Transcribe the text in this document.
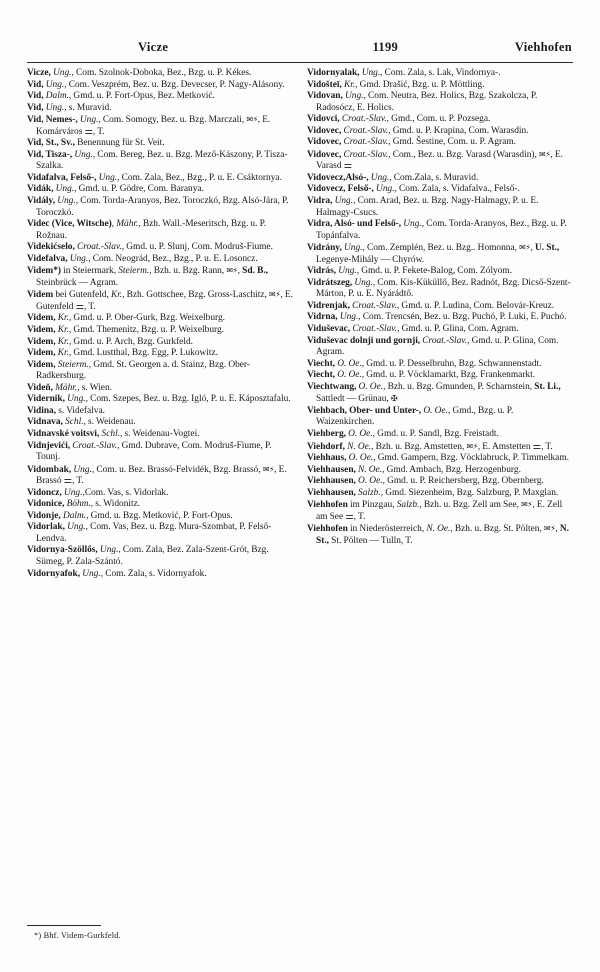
Vicze	1199	Viehhofen

Vicze, Ung., Com. Szolnok-Doboka, Bez., Bzg. u. P. Kékes.

Vid, Ung., Com. Veszprém, Bez. u. Bzg. Devecser, P. Nagy-Alásony.

Vid, Dalm., Gmd. u. P. Fort-Opus, Bez. Metković.

Vid, Ung., s. Muravid.

Vid, Nemes-, Ung., Com. Somogy, Bez. u. Bzg. Marczali, ✉⚡, E. Komárváros ⚌, T.

Vid, St., Sv., Benennung für St. Veit.

Vid, Tisza-, Ung., Com. Bereg, Bez. u. Bzg. Mező-Kászony, P. Tisza-Szalka.

Vidafalva, Felső-, Ung., Com. Zala, Bez., Bzg., P. u. E. Csáktornya.

Vidák, Ung., Gmd. u. P. Gödre, Com. Baranya.

Vidály, Ung., Com. Torda-Aranyos, Bez. Toroczkó, Bzg. Alsó-Jára, P. Toroczkó.

Videc (Vice, Witsche), Mähr., Bzh. Wall.-Meseritsch, Bzg. u. P. Rožnau.

Videkićselo, Croat.-Slav., Gmd. u. P. Slunj, Com. Modruš-Fiume.

Videfalva, Ung., Com. Neográd, Bez., Bzg., P. u. E. Losoncz.

Videm*) in Steiermark, Steierm., Bzh. u. Bzg. Rann, ✉⚡, Sd. B., Steinbrück — Agram.

Videm bei Gutenfeld, Kr., Bzh. Gottschee, Bzg. Gross-Laschitz, ✉⚡, E. Gutenfeld ⚌, T.

Videm, Kr., Gmd. u. P. Ober-Gurk, Bzg. Weixelburg.

Videm, Kr., Gmd. Themenitz, Bzg. u. P. Weixelburg.

Videm, Kr., Gmd. u. P. Arch, Bzg. Gurkfeld.

Videm, Kr., Gmd. Lustthal, Bzg. Egg, P. Lukowitz.

Videm, Steierm., Gmd. St. Georgen a. d. Stainz, Bzg. Ober-Radkersburg.

Videň, Mähr., s. Wien.

Vidernik, Ung., Com. Szepes, Bez. u. Bzg. Igló, P. u. E. Káposztafalu.

Vidina, s. Videfalva.

Vidnava, Schl., s. Weidenau.

Vidnavské voitsvi, Schl., s. Weidenau-Vogtei.

Vidnjevići, Croat.-Slav., Gmd. Dubrave, Com. Modruš-Fiume, P. Tounj.

Vidombak, Ung., Com. u. Bez. Brassó-Felvidék, Bzg. Brassó, ✉⚡, E. Brassó ⚌, T.

Vidoncz, Ung.,Com. Vas, s. Vidorlak.

Vidonice, Böhm., s. Widonitz.

Vidonje, Dalm., Gmd. u. Bzg. Metković, P. Fort-Opus.

Vidorlak, Ung., Com. Vas, Bez. u. Bzg. Mura-Szombat, P. Felső-Lendva.

Vidornya-Szöllős, Ung., Com. Zala, Bez. Zala-Szent-Grót, Bzg. Sümeg, P. Zala-Szántó.

Vidornyafok, Ung., Com. Zala, s. Vidornyafok.

Vidornyalak, Ung., Com. Zala, s. Lak, Vindornya-.

Vidošteī, Kr., Gmd. Drašić, Bzg. u. P. Möttling.

Vidovan, Ung., Com. Neutra, Bez. Holics, Bzg. Szakolcza, P. Radosócz, E. Holics.

Vidovci, Croat.-Slav., Gmd., Com. u. P. Pozsega.

Vidovec, Croat.-Slav., Gmd. u. P. Krapina, Com. Warasdin.

Vidovec, Croat.-Slav., Gmd. Šestine, Com. u. P. Agram.

Vidovec, Croat.-Slav., Com., Bez. u. Bzg. Varasd (Warasdin), ✉⚡, E. Varasd ⚌

Vidovecz,Alsó-, Ung., Com.Zala, s. Muravid.

Vidovecz, Felső-, Ung., Com. Zala, s. Vidafalva., Felső-.

Vidra, Ung., Com. Arad, Bez. u. Bzg. Nagy-Halmagy, P. u. E. Halmagy-Csucs.

Vidra, Alsó- und Felső-, Ung., Com. Torda-Aranyos, Bez., Bzg. u. P. Topánfalva.

Vidrány, Ung., Com. Zemplén, Bez. u. Bzg.. Homonna, ✉⚡, U. St., Legenye-Mihály — Chyrów.

Vidrás, Ung., Gmd. u. P. Fekete-Balog, Com. Zólyom.

Vidrátszeg, Ung., Com. Kis-Küküllő, Bez. Radnót, Bzg. Dicső-Szent-Márton, P. u. E. Nyárádtő.

Vidrenjak, Croat.-Slav., Gmd. u. P. Ludina, Com. Belovár-Kreuz.

Vidrna, Ung., Com. Trencsén, Bez. u. Bzg. Puchó, P. Luki, E. Puchó.

Viduševac, Croat.-Slav., Gmd. u. P. Glina, Com. Agram.

Viduševac dolnji und gornji, Croat.-Slav., Gmd. u. P. Glina, Com. Agram.

Viecht, O. Oe., Gmd. u. P. Desselbruhn, Bzg. Schwannenstadt.

Viecht, O. Oe., Gmd. u. P. Vöcklamarkt, Bzg. Frankenmarkt.

Viechtwang, O. Oe., Bzh. u. Bzg. Gmunden, P. Scharnstein, St. Li., Sattledt — Grünau, ✠

Viehbach, Ober- und Unter-, O. Oe., Gmd., Bzg. u. P. Waizenkirchen.

Viehberg, O. Oe., Gmd. u. P. Sandl, Bzg. Freistadt.

Viehdorf, N. Oe., Bzh. u. Bzg. Amstetten, ✉⚡, E. Amstetten ⚌, T.

Viehhaus, O. Oe., Gmd. Gampern, Bzg. Vöcklabruck, P. Timmelkam.

Viehhausen, N. Oe., Gmd. Ambach, Bzg. Herzogenburg.

Viehhausen, O. Oe., Gmd. u. P. Reichersberg, Bzg. Obernberg.

Viehhausen, Salzb., Gmd. Siezenheim, Bzg. Salzburg, P. Maxglan.

Viehhofen im Pinzgau, Salzb., Bzh. u. Bzg. Zell am See, ✉⚡, E. Zell am See ⚌, T.

Viehhofen in Niederösterreich, N. Oe., Bzh. u. Bzg. St. Pölten, ✉⚡, N. St., St. Pölten — Tulln, T.

*) Bhf. Videm-Gurkfeld.
